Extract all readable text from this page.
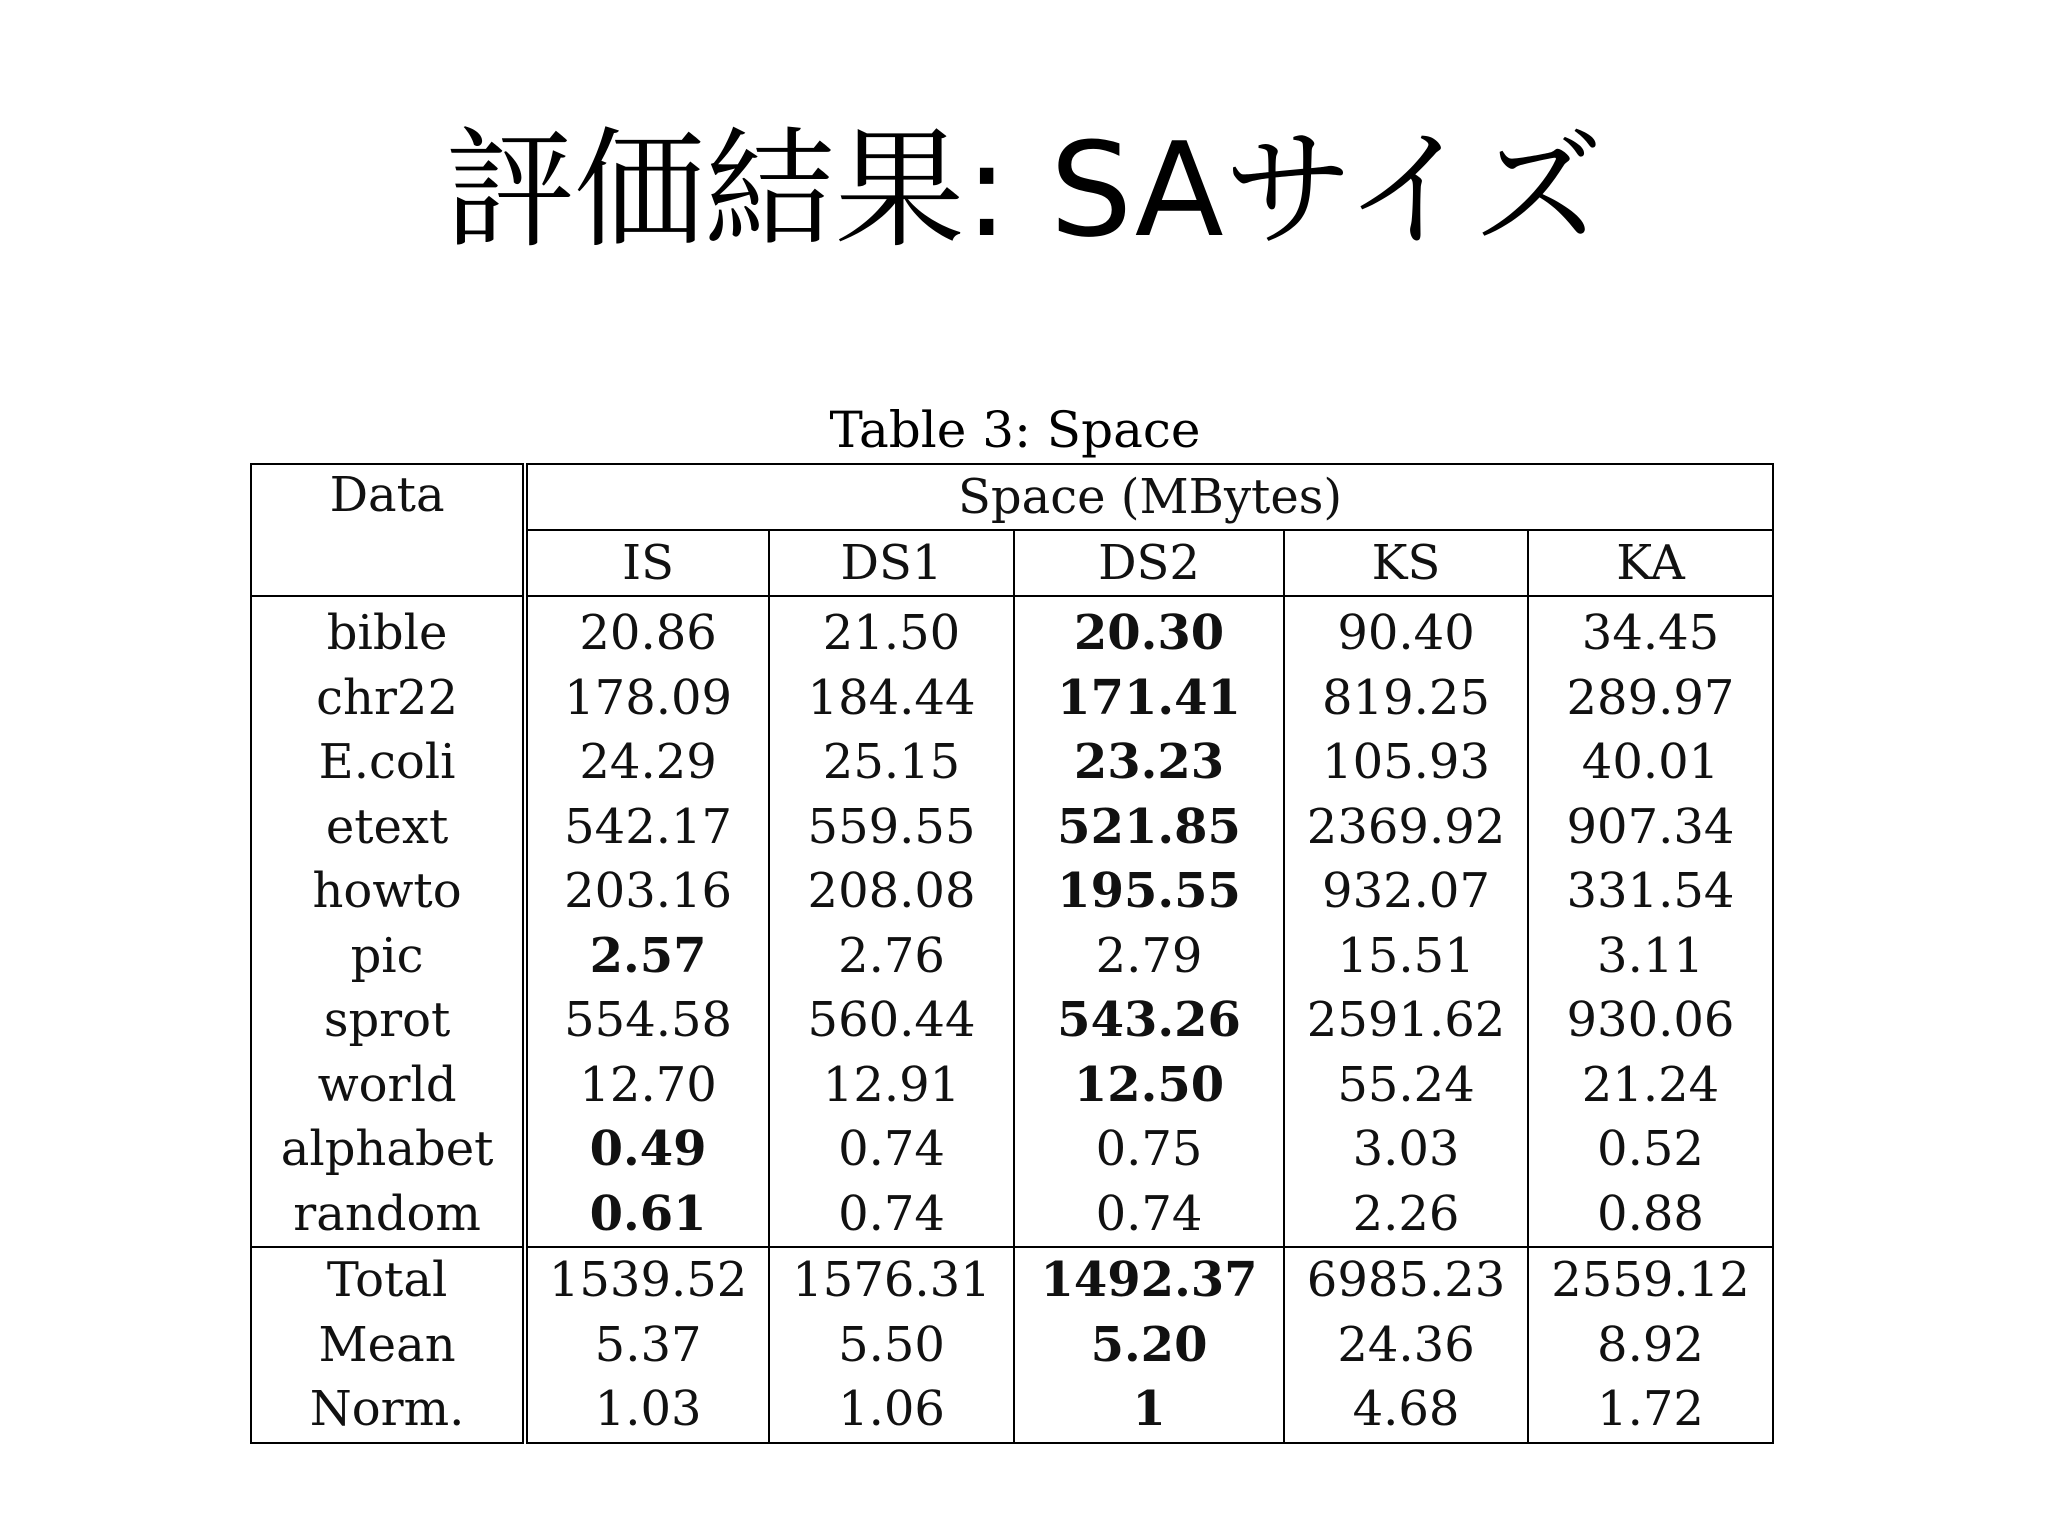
評価結果: SAサイズ
Table 3: Space
Data	Space (MBytes)				
	IS	DS1	DS2	KS	KA
bible	20.86	21.50	20.30	90.40	34.45
chr22	178.09	184.44	171.41	819.25	289.97
E.coli	24.29	25.15	23.23	105.93	40.01
etext	542.17	559.55	521.85	2369.92	907.34
howto	203.16	208.08	195.55	932.07	331.54
pic	2.57	2.76	2.79	15.51	3.11
sprot	554.58	560.44	543.26	2591.62	930.06
world	12.70	12.91	12.50	55.24	21.24
alphabet	0.49	0.74	0.75	3.03	0.52
random	0.61	0.74	0.74	2.26	0.88
Total	1539.52	1576.31	1492.37	6985.23	2559.12
Mean	5.37	5.50	5.20	24.36	8.92
Norm.	1.03	1.06	1	4.68	1.72
